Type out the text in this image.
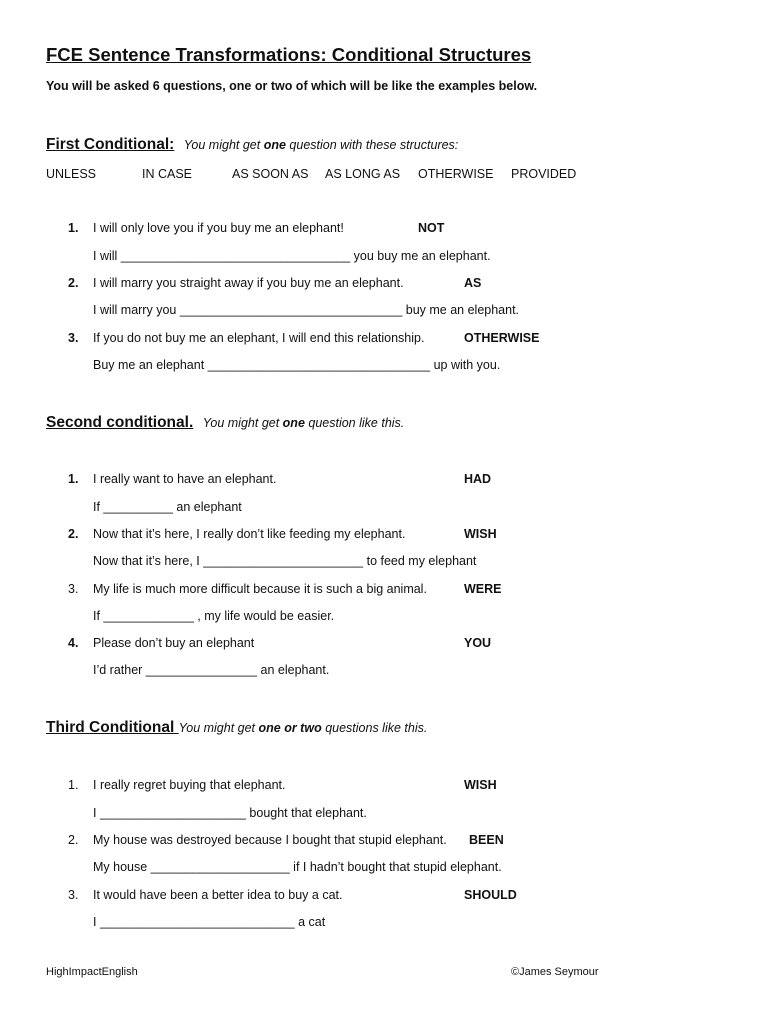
FCE Sentence Transformations: Conditional Structures
You will be asked 6 questions, one or two of which will be like the examples below.
First Conditional: You might get one question with these structures:
UNLESS	IN CASE	AS SOON AS AS LONG AS OTHERWISE PROVIDED
1. I will only love you if you buy me an elephant!	NOT
I will _________________________________ you buy me an elephant.
2. I will marry you straight away if you buy me an elephant.	AS
I will marry you ________________________________ buy me an elephant.
3. If you do not buy me an elephant, I will end this relationship.	OTHERWISE
Buy me an elephant ________________________________ up with you.
Second conditional. You might get one question like this.
1. I really want to have an elephant.	HAD
If __________ an elephant
2. Now that it’s here, I really don’t like feeding my elephant.	WISH
Now that it’s here, I _______________________ to feed my elephant
3. My life is much more difficult because it is such a big animal.	WERE
If _____________ , my life would be easier.
4. Please don’t buy an elephant	YOU
I’d rather ________________ an elephant.
Third Conditional You might get one or two questions like this.
1. I really regret buying that elephant.	WISH
I _____________________ bought that elephant.
2. My house was destroyed because I bought that stupid elephant. BEEN
My house ____________________ if I hadn’t bought that stupid elephant.
3. It would have been a better idea to buy a cat.	SHOULD
I ____________________________ a cat
HighImpactEnglish	©James Seymour
